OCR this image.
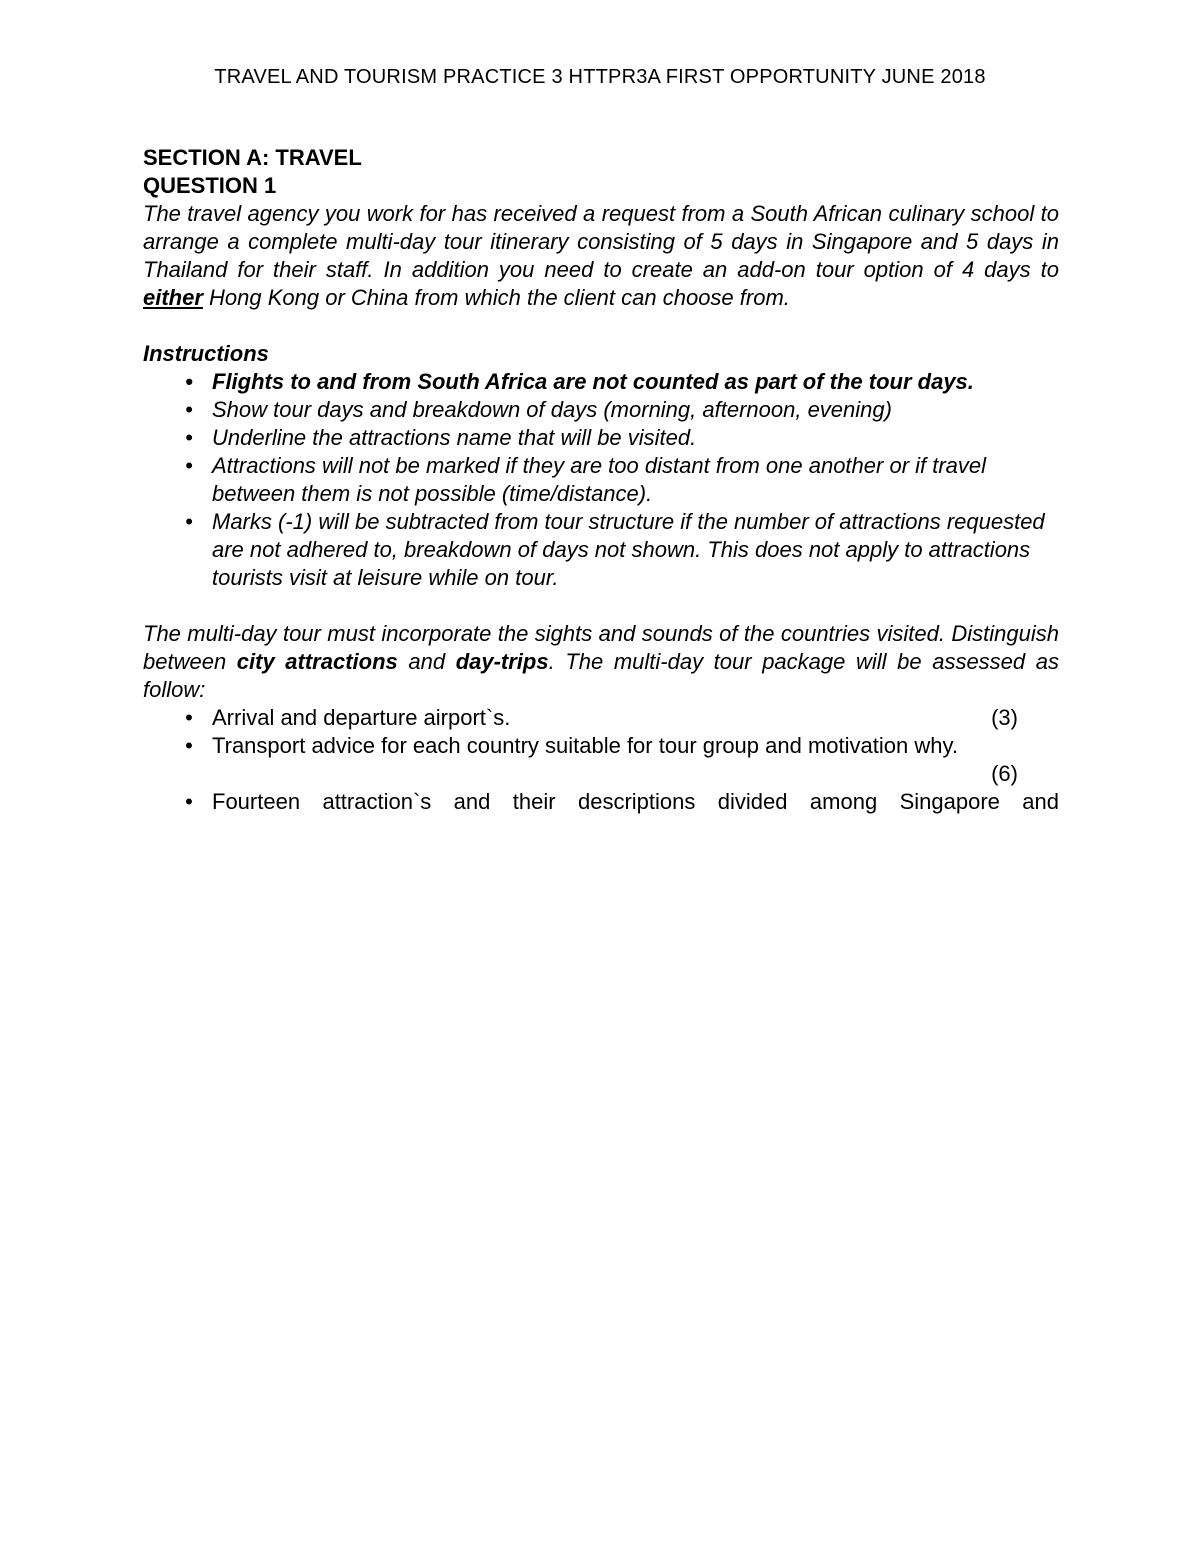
TRAVEL AND TOURISM PRACTICE 3 HTTPR3A FIRST OPPORTUNITY JUNE 2018
SECTION A: TRAVEL
QUESTION 1
The travel agency you work for has received a request from a South African culinary school to arrange a complete multi-day tour itinerary consisting of 5 days in Singapore and 5 days in Thailand for their staff. In addition you need to create an add-on tour option of 4 days to either Hong Kong or China from which the client can choose from.
Instructions
• Flights to and from South Africa are not counted as part of the tour days.
• Show tour days and breakdown of days (morning, afternoon, evening)
• Underline the attractions name that will be visited.
• Attractions will not be marked if they are too distant from one another or if travel between them is not possible (time/distance).
• Marks (-1) will be subtracted from tour structure if the number of attractions requested are not adhered to, breakdown of days not shown. This does not apply to attractions tourists visit at leisure while on tour.
The multi-day tour must incorporate the sights and sounds of the countries visited. Distinguish between city attractions and day-trips. The multi-day tour package will be assessed as follow:
• Arrival and departure airport`s.	(3)
• Transport advice for each country suitable for tour group and motivation why.
(6)
• Fourteen attraction`s and their descriptions divided among Singapore and
